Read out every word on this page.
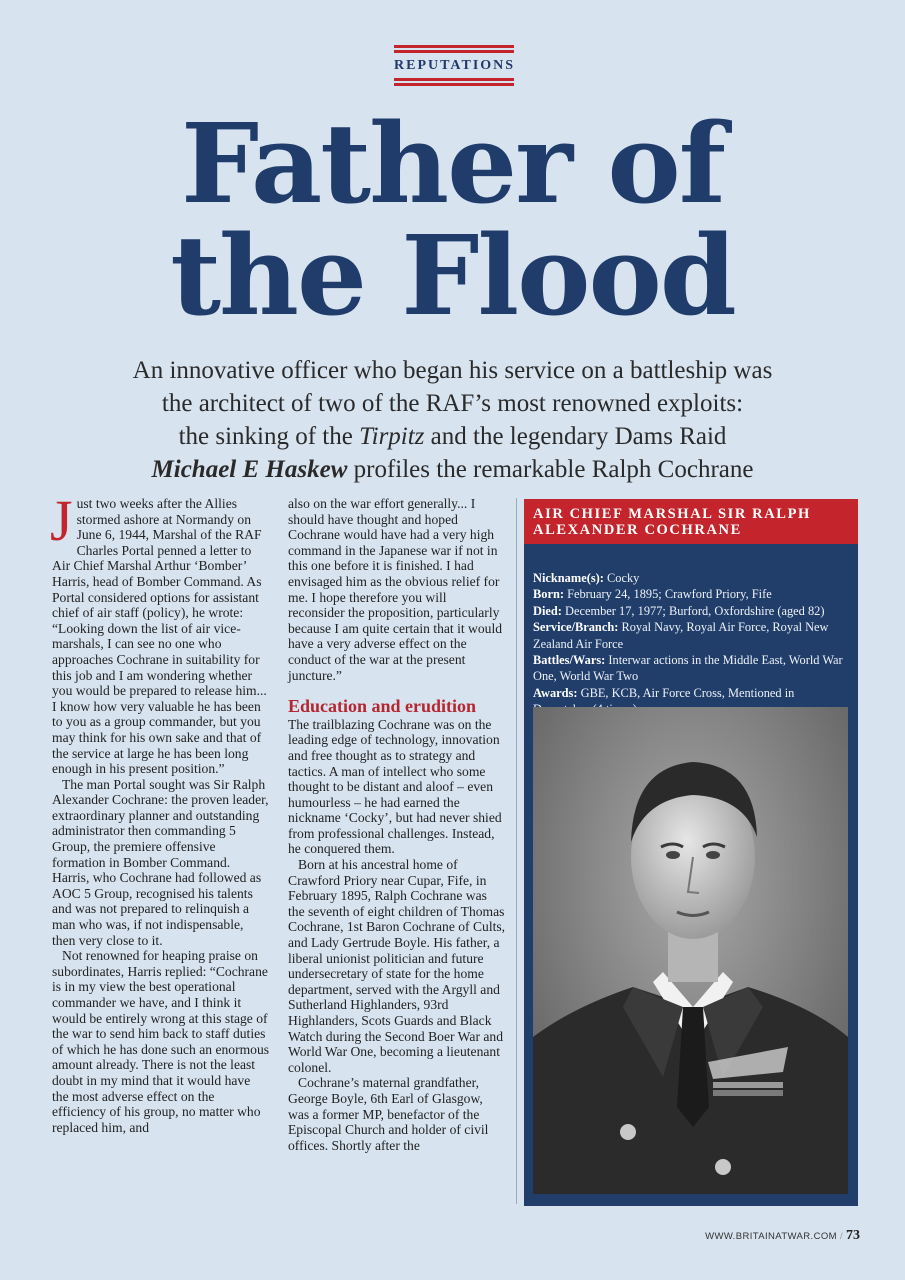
REPUTATIONS
Father of
the Flood
An innovative officer who began his service on a battleship was
the architect of two of the RAF’s most renowned exploits:
the sinking of the Tirpitz and the legendary Dams Raid
Michael E Haskew profiles the remarkable Ralph Cochrane

Just two weeks after the Allies stormed ashore at Normandy on June 6, 1944, Marshal of the RAF Charles Portal penned a letter to Air Chief Marshal Arthur ‘Bomber’ Harris, head of Bomber Command. As Portal considered options for assistant chief of air staff (policy), he wrote: “Looking down the list of air vice-marshals, I can see no one who approaches Cochrane in suitability for this job and I am wondering whether you would be prepared to release him... I know how very valuable he has been to you as a group commander, but you may think for his own sake and that of the service at large he has been long enough in his present position.”

The man Portal sought was Sir Ralph Alexander Cochrane: the proven leader, extraordinary planner and outstanding administrator then commanding 5 Group, the premiere offensive formation in Bomber Command. Harris, who Cochrane had followed as AOC 5 Group, recognised his talents and was not prepared to relinquish a man who was, if not indispensable, then very close to it.

Not renowned for heaping praise on subordinates, Harris replied: “Cochrane is in my view the best operational commander we have, and I think it would be entirely wrong at this stage of the war to send him back to staff duties of which he has done such an enormous amount already. There is not the least doubt in my mind that it would have the most adverse effect on the efficiency of his group, no matter who replaced him, and

also on the war effort generally... I should have thought and hoped Cochrane would have had a very high command in the Japanese war if not in this one before it is finished. I had envisaged him as the obvious relief for me. I hope therefore you will reconsider the proposition, particularly because I am quite certain that it would have a very adverse effect on the conduct of the war at the present juncture.”

Education and erudition

The trailblazing Cochrane was on the leading edge of technology, innovation and free thought as to strategy and tactics. A man of intellect who some thought to be distant and aloof – even humourless – he had earned the nickname ‘Cocky’, but had never shied from professional challenges. Instead, he conquered them.

Born at his ancestral home of Crawford Priory near Cupar, Fife, in February 1895, Ralph Cochrane was the seventh of eight children of Thomas Cochrane, 1st Baron Cochrane of Cults, and Lady Gertrude Boyle. His father, a liberal unionist politician and future undersecretary of state for the home department, served with the Argyll and Sutherland Highlanders, 93rd Highlanders, Scots Guards and Black Watch during the Second Boer War and World War One, becoming a lieutenant colonel.

Cochrane’s maternal grandfather, George Boyle, 6th Earl of Glasgow, was a former MP, benefactor of the Episcopal Church and holder of civil offices. Shortly after the

AIR CHIEF MARSHAL SIR RALPH ALEXANDER COCHRANE
Nickname(s): Cocky
Born: February 24, 1895; Crawford Priory, Fife
Died: December 17, 1977; Burford, Oxfordshire (aged 82)
Service/Branch: Royal Navy, Royal Air Force, Royal New Zealand Air Force
Battles/Wars: Interwar actions in the Middle East, World War One, World War Two
Awards: GBE, KCB, Air Force Cross, Mentioned in
WWW.BRITAINATWAR.COM / 73
